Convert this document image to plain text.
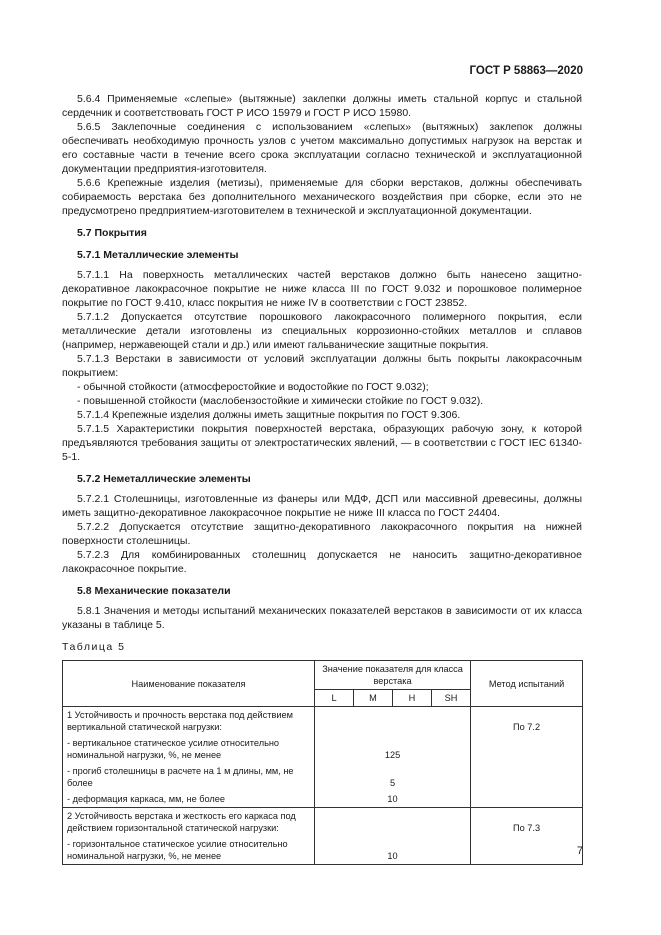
ГОСТ Р 58863—2020

5.6.4 Применяемые «слепые» (вытяжные) заклепки должны иметь стальной корпус и стальной сердечник и соответствовать ГОСТ Р ИСО 15979 и ГОСТ Р ИСО 15980.

5.6.5 Заклепочные соединения с использованием «слепых» (вытяжных) заклепок должны обеспечивать необходимую прочность узлов с учетом максимально допустимых нагрузок на верстак и его составные части в течение всего срока эксплуатации согласно технической и эксплуатационной документации предприятия-изготовителя.

5.6.6 Крепежные изделия (метизы), применяемые для сборки верстаков, должны обеспечивать собираемость верстака без дополнительного механического воздействия при сборке, если это не предусмотрено предприятием-изготовителем в технической и эксплуатационной документации.

5.7 Покрытия

5.7.1 Металлические элементы

5.7.1.1 На поверхность металлических частей верстаков должно быть нанесено защитно-декоративное лакокрасочное покрытие не ниже класса III по ГОСТ 9.032 и порошковое полимерное покрытие по ГОСТ 9.410, класс покрытия не ниже IV в соответствии с ГОСТ 23852.

5.7.1.2 Допускается отсутствие порошкового лакокрасочного полимерного покрытия, если металлические детали изготовлены из специальных коррозионно-стойких металлов и сплавов (например, нержавеющей стали и др.) или имеют гальванические защитные покрытия.

5.7.1.3 Верстаки в зависимости от условий эксплуатации должны быть покрыты лакокрасочным покрытием:

- обычной стойкости (атмосферостойкие и водостойкие по ГОСТ 9.032);

- повышенной стойкости (маслобензостойкие и химически стойкие по ГОСТ 9.032).

5.7.1.4 Крепежные изделия должны иметь защитные покрытия по ГОСТ 9.306.

5.7.1.5 Характеристики покрытия поверхностей верстака, образующих рабочую зону, к которой предъявляются требования защиты от электростатических явлений, — в соответствии с ГОСТ IEC 61340-5-1.

5.7.2 Неметаллические элементы

5.7.2.1 Столешницы, изготовленные из фанеры или МДФ, ДСП или массивной древесины, должны иметь защитно-декоративное лакокрасочное покрытие не ниже III класса по ГОСТ 24404.

5.7.2.2 Допускается отсутствие защитно-декоративного лакокрасочного покрытия на нижней поверхности столешницы.

5.7.2.3 Для комбинированных столешниц допускается не наносить защитно-декоративное лакокрасочное покрытие.

5.8 Механические показатели

5.8.1 Значения и методы испытаний механических показателей верстаков в зависимости от их класса указаны в таблице 5.

Таблица 5

Наименование показателя	Значение показателя для класса верстака				Метод испытаний
	L	M	H	SH	
1 Устойчивость и прочность верстака под действием вертикальной статической нагрузки:					По 7.2
- вертикальное статическое усилие относительно номинальной нагрузки, %, не менее	125				
- прогиб столешницы в расчете на 1 м длины, мм, не более	5				
- деформация каркаса, мм, не более	10				
2 Устойчивость верстака и жесткость его каркаса под действием горизонтальной статической нагрузки:					По 7.3
- горизонтальное статическое усилие относительно номинальной нагрузки, %, не менее	10					7
